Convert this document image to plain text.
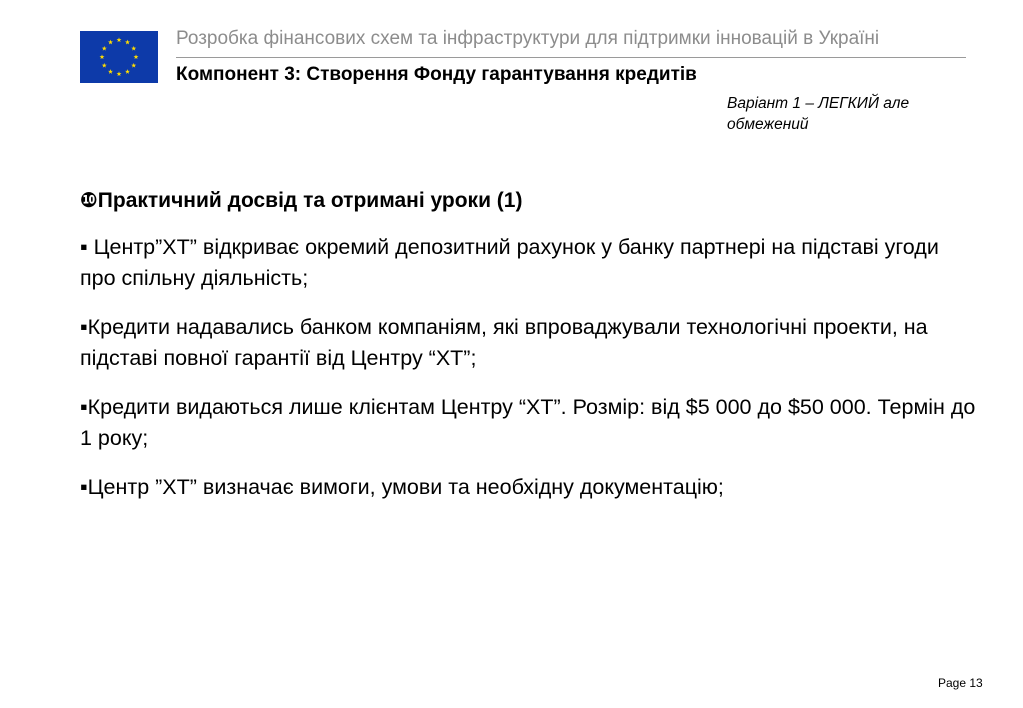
Розробка фінансових схем та інфраструктури для підтримки інновацій в Україні
Компонент 3: Створення Фонду гарантування кредитів
Варіант 1 – ЛЕГКИЙ але обмежений
❿Практичний досвід та отримані уроки (1)
▪ Центр”ХТ” відкриває окремий депозитний рахунок у банку партнері на підставі угоди про спільну діяльність;
▪Кредити надавались банком компаніям, які впроваджували технологічні проекти, на підставі повної гарантії від Центру “ХТ”;
▪Кредити видаються лише клієнтам Центру “ХТ”. Розмір: від $5 000 до $50 000. Термін до 1 року;
▪Центр ”ХТ” визначає вимоги, умови та необхідну документацію;
Page 13
